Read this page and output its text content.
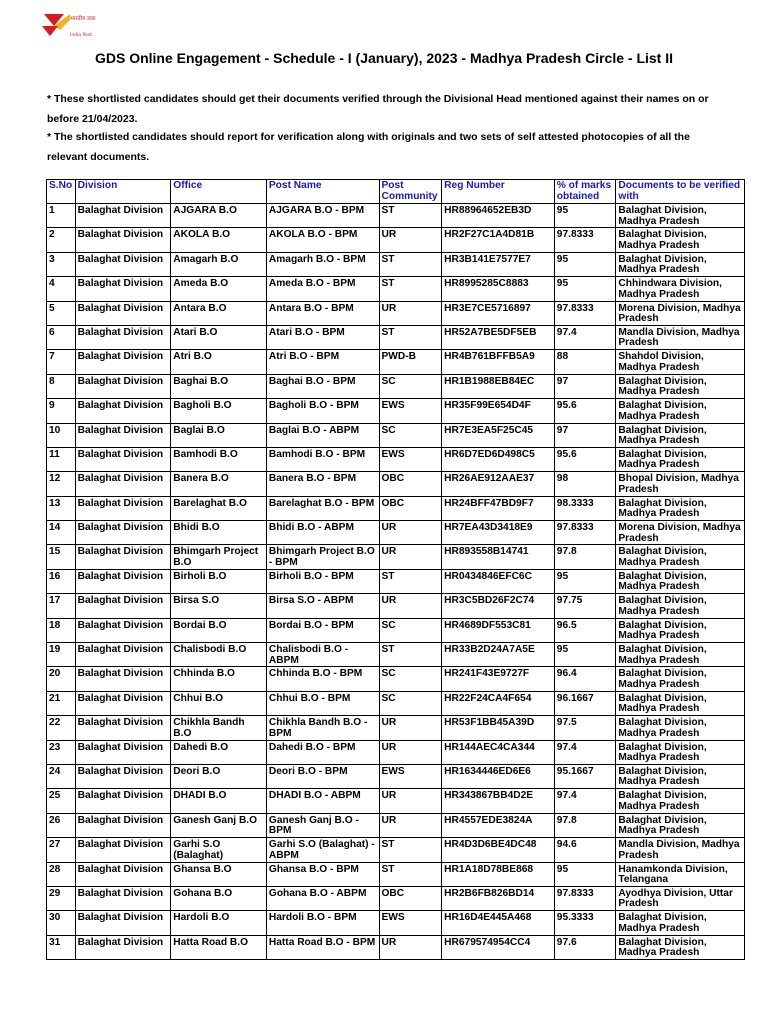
भारतीय डाक
India Post
GDS Online Engagement - Schedule - I (January), 2023 - Madhya Pradesh Circle - List II

* These shortlisted candidates should get their documents verified through the Divisional Head mentioned against their names on or before 21/04/2023.

* The shortlisted candidates should report for verification along with originals and two sets of self attested photocopies of all the relevant documents.

S.No	Division	Office	Post Name	Post Community	Reg Number	% of marks obtained	Documents to be verified with
1	Balaghat Division	AJGARA B.O	AJGARA B.O - BPM	ST	HR88964652EB3D	95	Balaghat Division, Madhya Pradesh
2	Balaghat Division	AKOLA B.O	AKOLA B.O - BPM	UR	HR2F27C1A4D81B	97.8333	Balaghat Division, Madhya Pradesh
3	Balaghat Division	Amagarh B.O	Amagarh B.O - BPM	ST	HR3B141E7577E7	95	Balaghat Division, Madhya Pradesh
4	Balaghat Division	Ameda B.O	Ameda B.O - BPM	ST	HR8995285C8883	95	Chhindwara Division, Madhya Pradesh
5	Balaghat Division	Antara B.O	Antara B.O - BPM	UR	HR3E7CE5716897	97.8333	Morena Division, Madhya Pradesh
6	Balaghat Division	Atari B.O	Atari B.O - BPM	ST	HR52A7BE5DF5EB	97.4	Mandla Division, Madhya Pradesh
7	Balaghat Division	Atri B.O	Atri B.O - BPM	PWD-B	HR4B761BFFB5A9	88	Shahdol Division, Madhya Pradesh
8	Balaghat Division	Baghai B.O	Baghai B.O - BPM	SC	HR1B1988EB84EC	97	Balaghat Division, Madhya Pradesh
9	Balaghat Division	Bagholi B.O	Bagholi B.O - BPM	EWS	HR35F99E654D4F	95.6	Balaghat Division, Madhya Pradesh
10	Balaghat Division	Baglai B.O	Baglai B.O - ABPM	SC	HR7E3EA5F25C45	97	Balaghat Division, Madhya Pradesh
11	Balaghat Division	Bamhodi B.O	Bamhodi B.O - BPM	EWS	HR6D7ED6D498C5	95.6	Balaghat Division, Madhya Pradesh
12	Balaghat Division	Banera B.O	Banera B.O - BPM	OBC	HR26AE912AAE37	98	Bhopal Division, Madhya Pradesh
13	Balaghat Division	Barelaghat B.O	Barelaghat B.O - BPM	OBC	HR24BFF47BD9F7	98.3333	Balaghat Division, Madhya Pradesh
14	Balaghat Division	Bhidi B.O	Bhidi B.O - ABPM	UR	HR7EA43D3418E9	97.8333	Morena Division, Madhya Pradesh
15	Balaghat Division	Bhimgarh Project B.O	Bhimgarh Project B.O - BPM	UR	HR893558B14741	97.8	Balaghat Division, Madhya Pradesh
16	Balaghat Division	Birholi B.O	Birholi B.O - BPM	ST	HR0434846EFC6C	95	Balaghat Division, Madhya Pradesh
17	Balaghat Division	Birsa S.O	Birsa S.O - ABPM	UR	HR3C5BD26F2C74	97.75	Balaghat Division, Madhya Pradesh
18	Balaghat Division	Bordai B.O	Bordai B.O - BPM	SC	HR4689DF553C81	96.5	Balaghat Division, Madhya Pradesh
19	Balaghat Division	Chalisbodi B.O	Chalisbodi B.O - ABPM	ST	HR33B2D24A7A5E	95	Balaghat Division, Madhya Pradesh
20	Balaghat Division	Chhinda B.O	Chhinda B.O - BPM	SC	HR241F43E9727F	96.4	Balaghat Division, Madhya Pradesh
21	Balaghat Division	Chhui B.O	Chhui B.O - BPM	SC	HR22F24CA4F654	96.1667	Balaghat Division, Madhya Pradesh
22	Balaghat Division	Chikhla Bandh B.O	Chikhla Bandh B.O - BPM	UR	HR53F1BB45A39D	97.5	Balaghat Division, Madhya Pradesh
23	Balaghat Division	Dahedi B.O	Dahedi B.O - BPM	UR	HR144AEC4CA344	97.4	Balaghat Division, Madhya Pradesh
24	Balaghat Division	Deori B.O	Deori B.O - BPM	EWS	HR1634446ED6E6	95.1667	Balaghat Division, Madhya Pradesh
25	Balaghat Division	DHADI B.O	DHADI B.O - ABPM	UR	HR343867BB4D2E	97.4	Balaghat Division, Madhya Pradesh
26	Balaghat Division	Ganesh Ganj B.O	Ganesh Ganj B.O - BPM	UR	HR4557EDE3824A	97.8	Balaghat Division, Madhya Pradesh
27	Balaghat Division	Garhi S.O (Balaghat)	Garhi S.O (Balaghat) - ABPM	ST	HR4D3D6BE4DC48	94.6	Mandla Division, Madhya Pradesh
28	Balaghat Division	Ghansa B.O	Ghansa B.O - BPM	ST	HR1A18D78BE868	95	Hanamkonda Division, Telangana
29	Balaghat Division	Gohana B.O	Gohana B.O - ABPM	OBC	HR2B6FB826BD14	97.8333	Ayodhya Division, Uttar Pradesh
30	Balaghat Division	Hardoli B.O	Hardoli B.O - BPM	EWS	HR16D4E445A468	95.3333	Balaghat Division, Madhya Pradesh
31	Balaghat Division	Hatta Road B.O	Hatta Road B.O - BPM	UR	HR679574954CC4	97.6	Balaghat Division, Madhya Pradesh
